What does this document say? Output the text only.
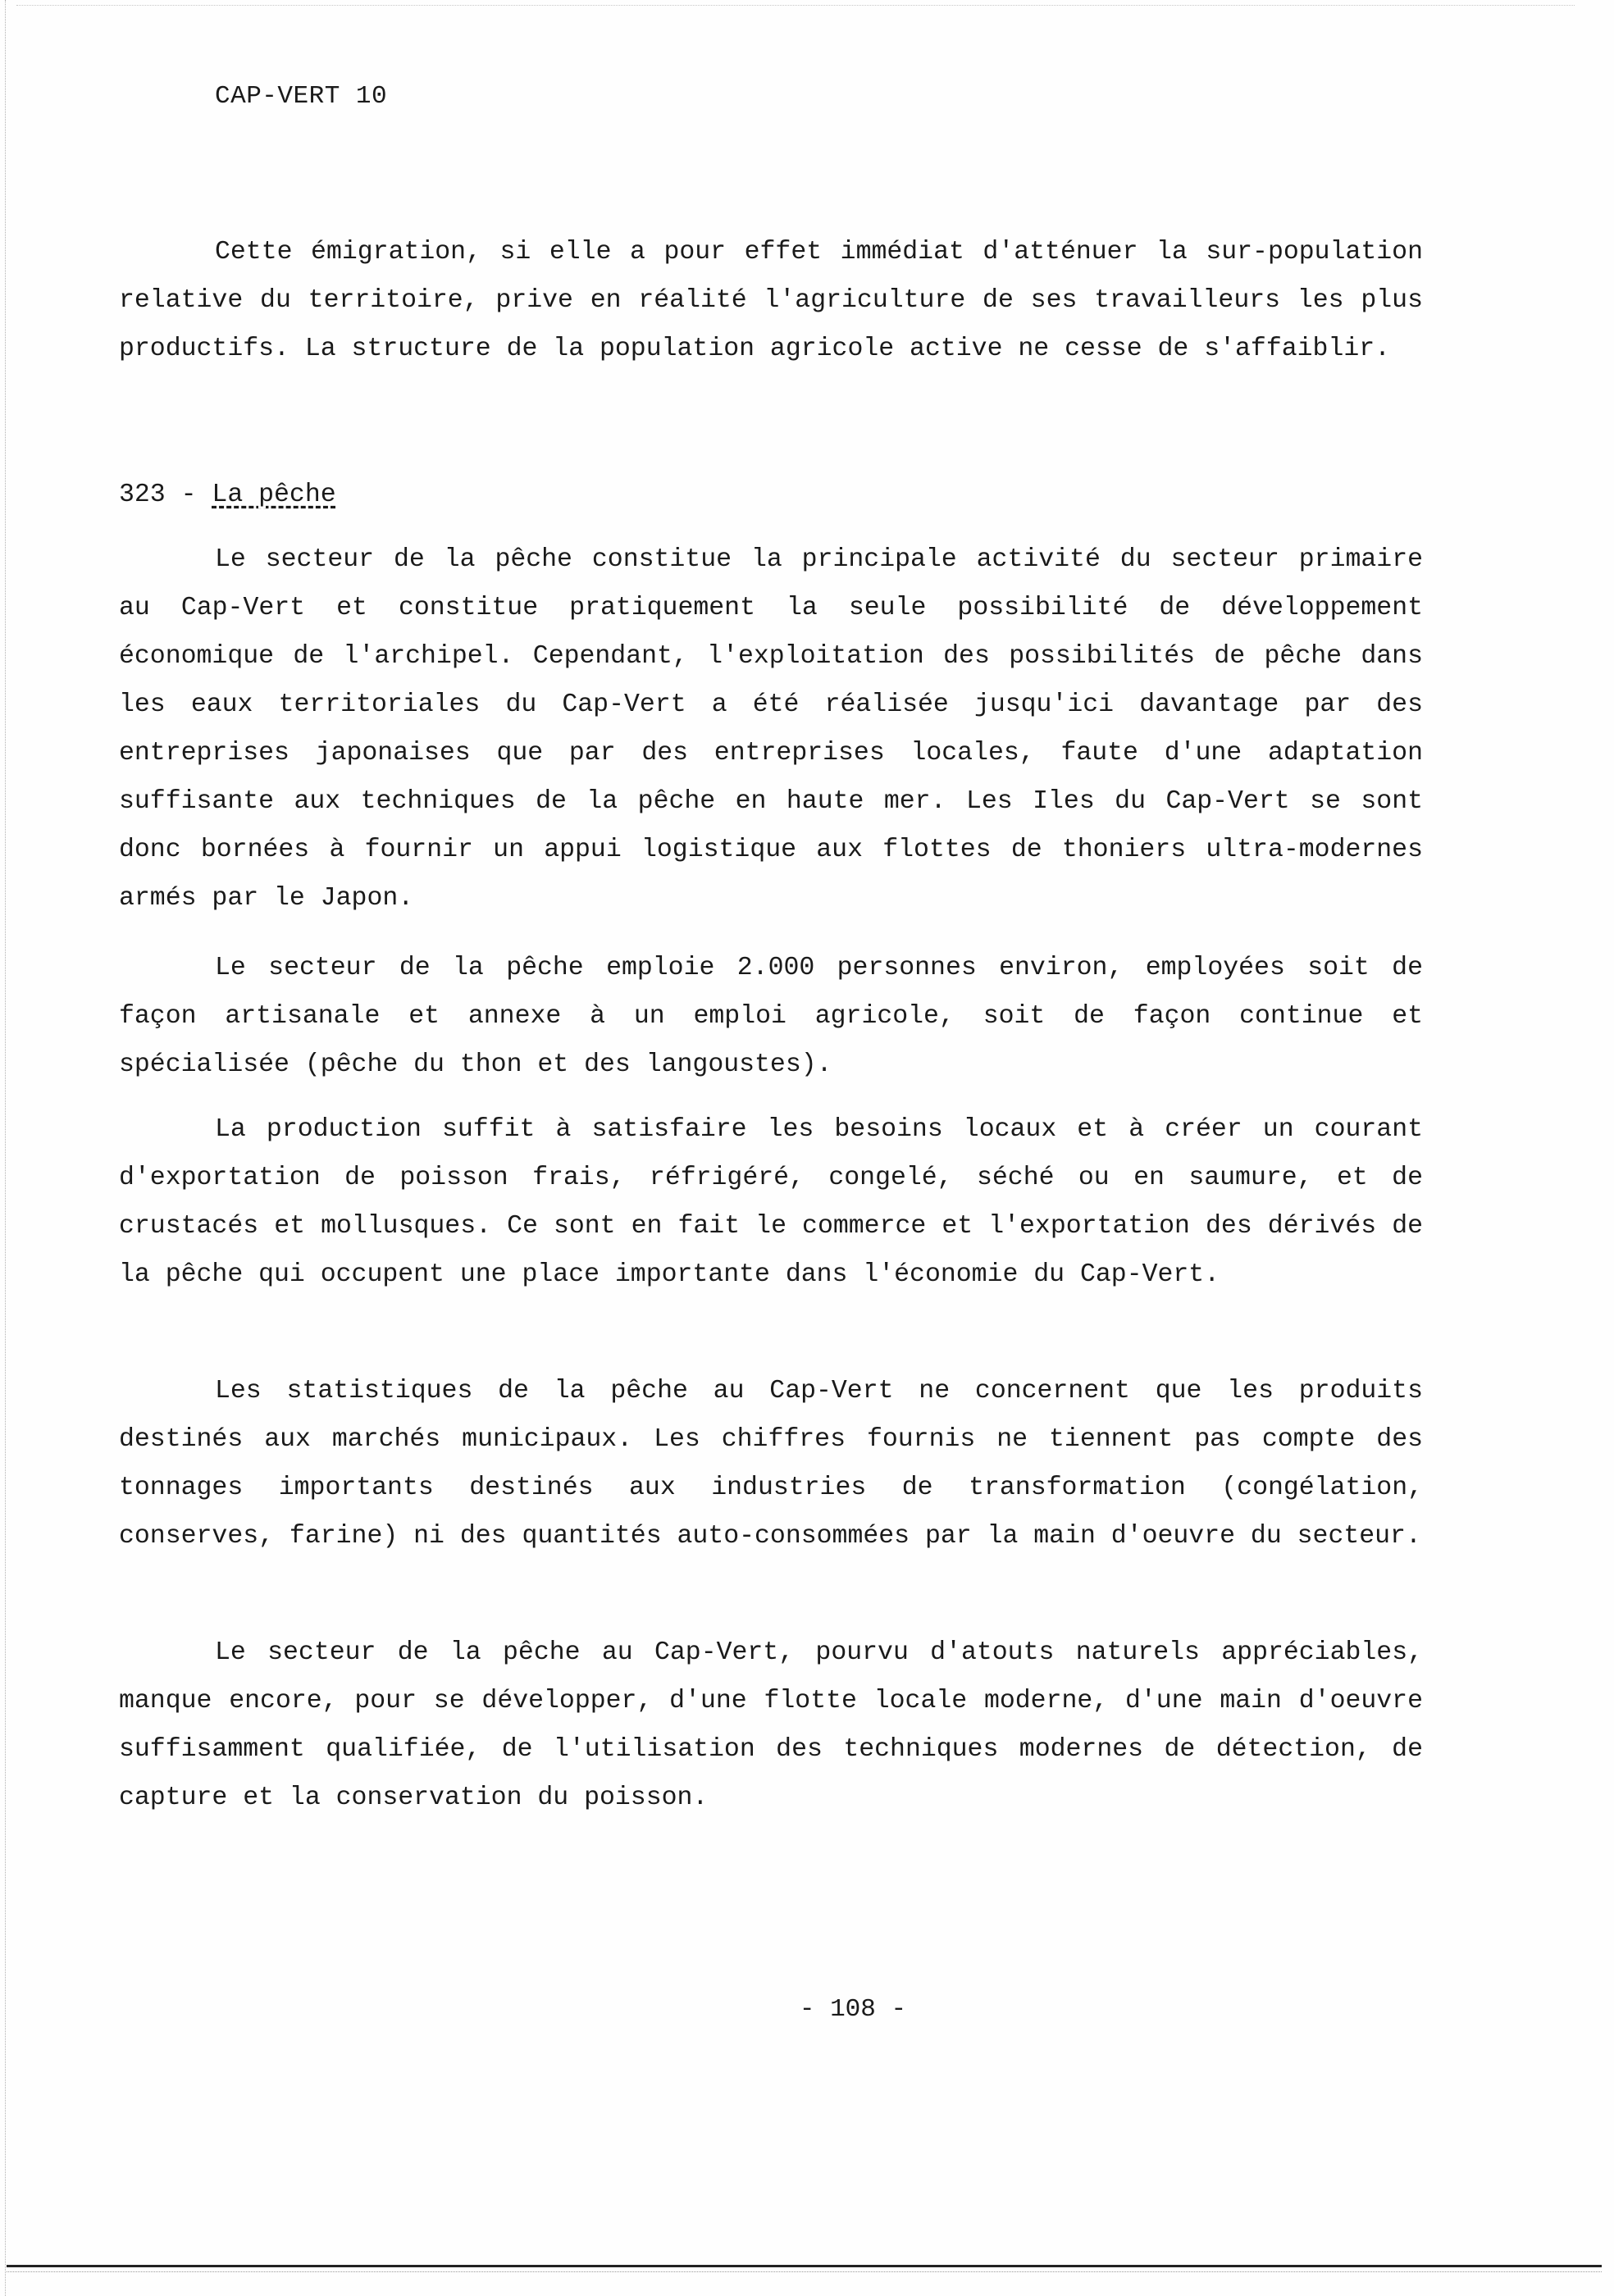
CAP-VERT 10

Cette émigration, si elle a pour effet immédiat d'atténuer la sur-population relative du territoire, prive en réalité l'agriculture de ses travailleurs les plus productifs. La structure de la population agricole active ne cesse de s'affaiblir.

323 - La pêche

Le secteur de la pêche constitue la principale activité du secteur primaire au Cap-Vert et constitue pratiquement la seule possibilité de développement économique de l'archipel. Cependant, l'exploitation des possibilités de pêche dans les eaux territoriales du Cap-Vert a été réalisée jusqu'ici davantage par des entreprises japonaises que par des entreprises locales, faute d'une adaptation suffisante aux techniques de la pêche en haute mer. Les Iles du Cap-Vert se sont donc bornées à fournir un appui logistique aux flottes de thoniers ultra-modernes armés par le Japon.

Le secteur de la pêche emploie 2.000 personnes environ, employées soit de façon artisanale et annexe à un emploi agricole, soit de façon continue et spécialisée (pêche du thon et des langoustes).

La production suffit à satisfaire les besoins locaux et à créer un courant d'exportation de poisson frais, réfrigéré, congelé, séché ou en saumure, et de crustacés et mollusques. Ce sont en fait le commerce et l'exportation des dérivés de la pêche qui occupent une place importante dans l'économie du Cap-Vert.

Les statistiques de la pêche au Cap-Vert ne concernent que les produits destinés aux marchés municipaux. Les chiffres fournis ne tiennent pas compte des tonnages importants destinés aux industries de transformation (congélation, conserves, farine) ni des quantités auto-consommées par la main d'oeuvre du secteur.

Le secteur de la pêche au Cap-Vert, pourvu d'atouts naturels appréciables, manque encore, pour se développer, d'une flotte locale moderne, d'une main d'oeuvre suffisamment qualifiée, de l'utilisation des techniques modernes de détection, de capture et la conservation du poisson.

- 108 -
